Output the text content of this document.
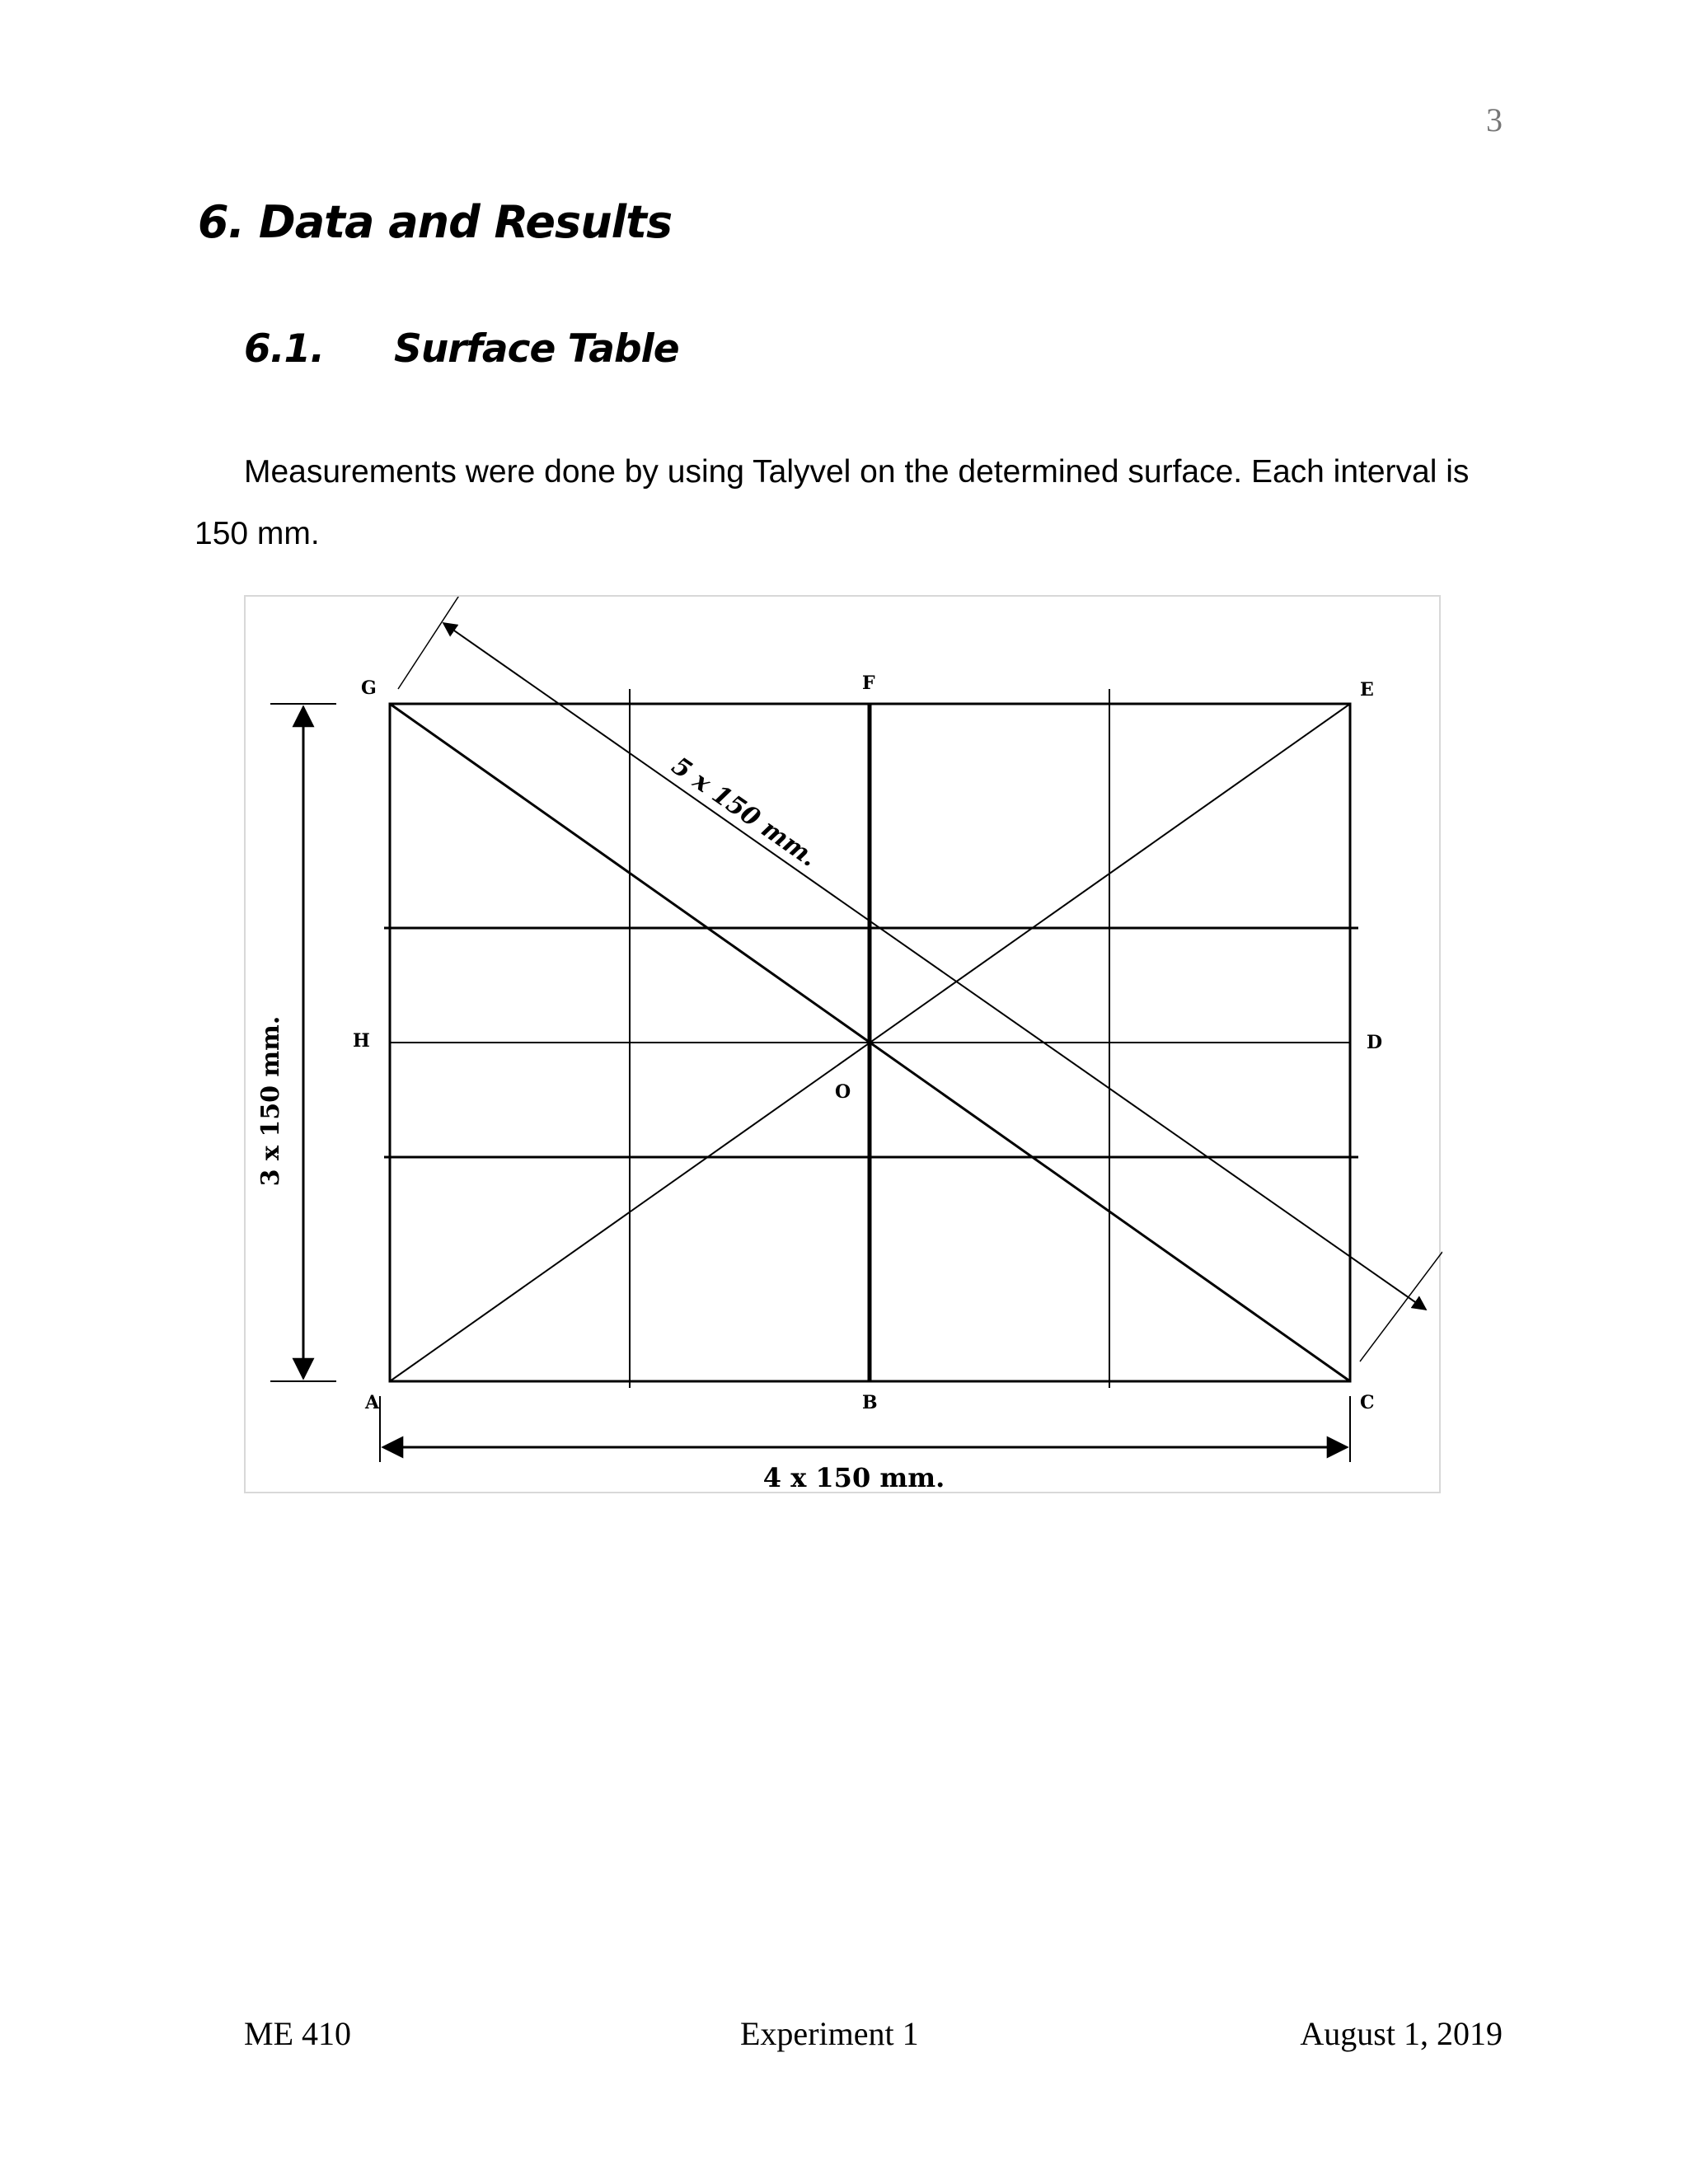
3
6. Data and Results
6.1. Surface Table

Measurements were done by using Talyvel on the determined surface. Each interval is 150 mm.

5 x 150 mm.
3 x 150 mm.
4 x 150 mm.
G	F	E
H	D
O
A	B	C
ME 410	Experiment 1	August 1, 2019
